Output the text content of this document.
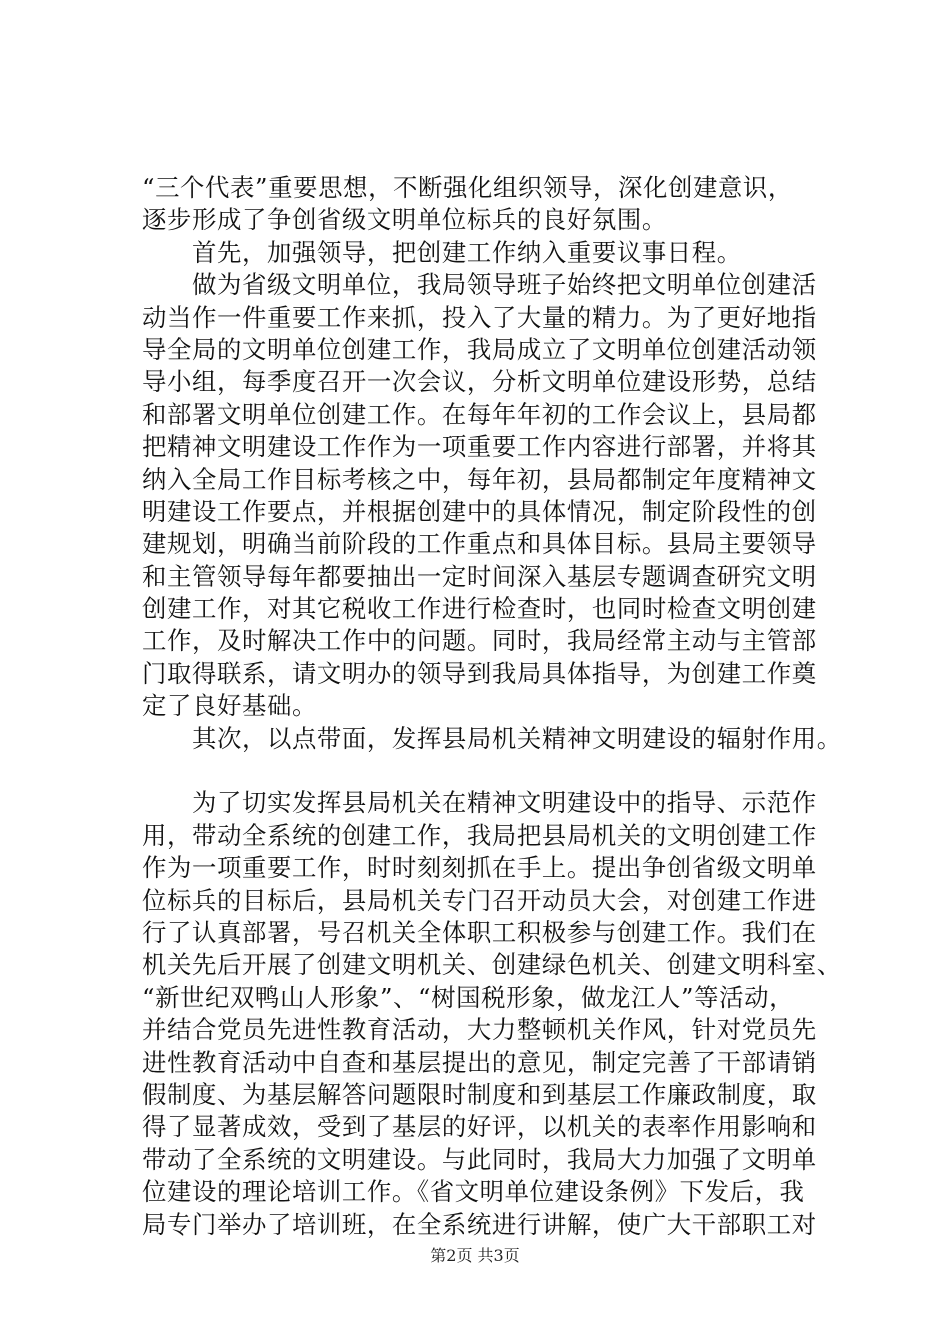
“三个代表”重要思想，不断强化组织领导，深化创建意识，
逐步形成了争创省级文明单位标兵的良好氛围。
　　首先，加强领导，把创建工作纳入重要议事日程。
　　做为省级文明单位，我局领导班子始终把文明单位创建活
动当作一件重要工作来抓，投入了大量的精力。为了更好地指
导全局的文明单位创建工作，我局成立了文明单位创建活动领
导小组，每季度召开一次会议，分析文明单位建设形势，总结
和部署文明单位创建工作。在每年年初的工作会议上，县局都
把精神文明建设工作作为一项重要工作内容进行部署，并将其
纳入全局工作目标考核之中，每年初，县局都制定年度精神文
明建设工作要点，并根据创建中的具体情况，制定阶段性的创
建规划，明确当前阶段的工作重点和具体目标。县局主要领导
和主管领导每年都要抽出一定时间深入基层专题调查研究文明
创建工作，对其它税收工作进行检查时，也同时检查文明创建
工作，及时解决工作中的问题。同时，我局经常主动与主管部
门取得联系，请文明办的领导到我局具体指导，为创建工作奠
定了良好基础。
　　其次，以点带面，发挥县局机关精神文明建设的辐射作用。
　　为了切实发挥县局机关在精神文明建设中的指导、示范作
用，带动全系统的创建工作，我局把县局机关的文明创建工作
作为一项重要工作，时时刻刻抓在手上。提出争创省级文明单
位标兵的目标后，县局机关专门召开动员大会，对创建工作进
行了认真部署，号召机关全体职工积极参与创建工作。我们在
机关先后开展了创建文明机关、创建绿色机关、创建文明科室、
“新世纪双鸭山人形象”、“树国税形象，做龙江人”等活动，
并结合党员先进性教育活动，大力整顿机关作风，针对党员先
进性教育活动中自查和基层提出的意见，制定完善了干部请销
假制度、为基层解答问题限时制度和到基层工作廉政制度，取
得了显著成效，受到了基层的好评，以机关的表率作用影响和
带动了全系统的文明建设。与此同时，我局大力加强了文明单
位建设的理论培训工作。《省文明单位建设条例》下发后，我
局专门举办了培训班，在全系统进行讲解，使广大干部职工对
第2页 共3页
